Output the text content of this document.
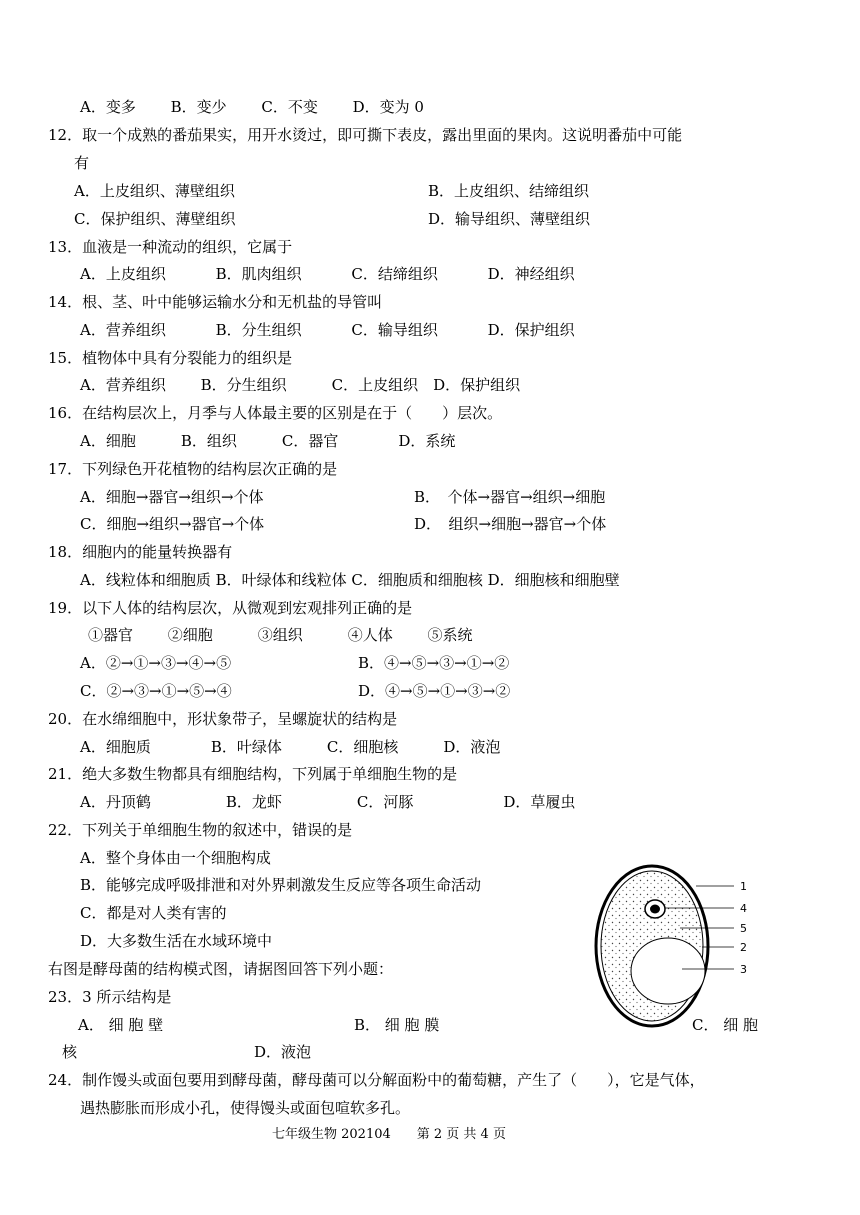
A．变多　　 B．变少　　 C．不变　　 D．变为 0
12．取一个成熟的番茄果实，用开水烫过，即可撕下表皮，露出里面的果肉。这说明番茄中可能
有
A．上皮组织、薄壁组织	B．上皮组织、结缔组织
C．保护组织、薄壁组织	D．输导组织、薄壁组织
13．血液是一种流动的组织，它属于
A．上皮组织　　　 B．肌肉组织　　　 C．结缔组织　　　 D．神经组织
14．根、茎、叶中能够运输水分和无机盐的导管叫
A．营养组织　　　 B．分生组织　　　 C．输导组织　　　 D．保护组织
15．植物体中具有分裂能力的组织是
A．营养组织　　 B．分生组织　　　C．上皮组织　D．保护组织
16．在结构层次上，月季与人体最主要的区别是在于（　　）层次。
A．细胞　　　B．组织　　　C．器官　　　　D．系统
17．下列绿色开花植物的结构层次正确的是
A．细胞→器官→组织→个体	B．　个体→器官→组织→细胞
C．细胞→组织→器官→个体	D．　组织→细胞→器官→个体
18．细胞内的能量转换器有
A．线粒体和细胞质 B．叶绿体和线粒体 C．细胞质和细胞核 D．细胞核和细胞壁
19．以下人体的结构层次，从微观到宏观排列正确的是
①器官　　 ②细胞　　　③组织　　　④人体　　 ⑤系统
A．②→①→③→④→⑤	B．④→⑤→③→①→②
C．②→③→①→⑤→④	D．④→⑤→①→③→②
20．在水绵细胞中，形状象带子，呈螺旋状的结构是
A．细胞质　　　　B．叶绿体　　　C．细胞核　　　D．液泡
21．绝大多数生物都具有细胞结构，下列属于单细胞生物的是
A．丹顶鹤　　　　　B．龙虾　　　　　C．河豚　　　　　　D．草履虫
22．下列关于单细胞生物的叙述中，错误的是
A．整个身体由一个细胞构成
B．能够完成呼吸排泄和对外界刺激发生反应等各项生命活动
C．都是对人类有害的
D．大多数生活在水域环境中
右图是酵母菌的结构模式图，请据图回答下列小题：
23．3 所示结构是
A． 细 胞 壁	B． 细 胞 膜	C． 细 胞
核	D．液泡
24．制作馒头或面包要用到酵母菌，酵母菌可以分解面粉中的葡萄糖，产生了（　　），它是气体，
遇热膨胀而形成小孔，使得馒头或面包喧软多孔。
七年级生物 202104　　第 2 页 共 4 页
1
4
5
2
3
